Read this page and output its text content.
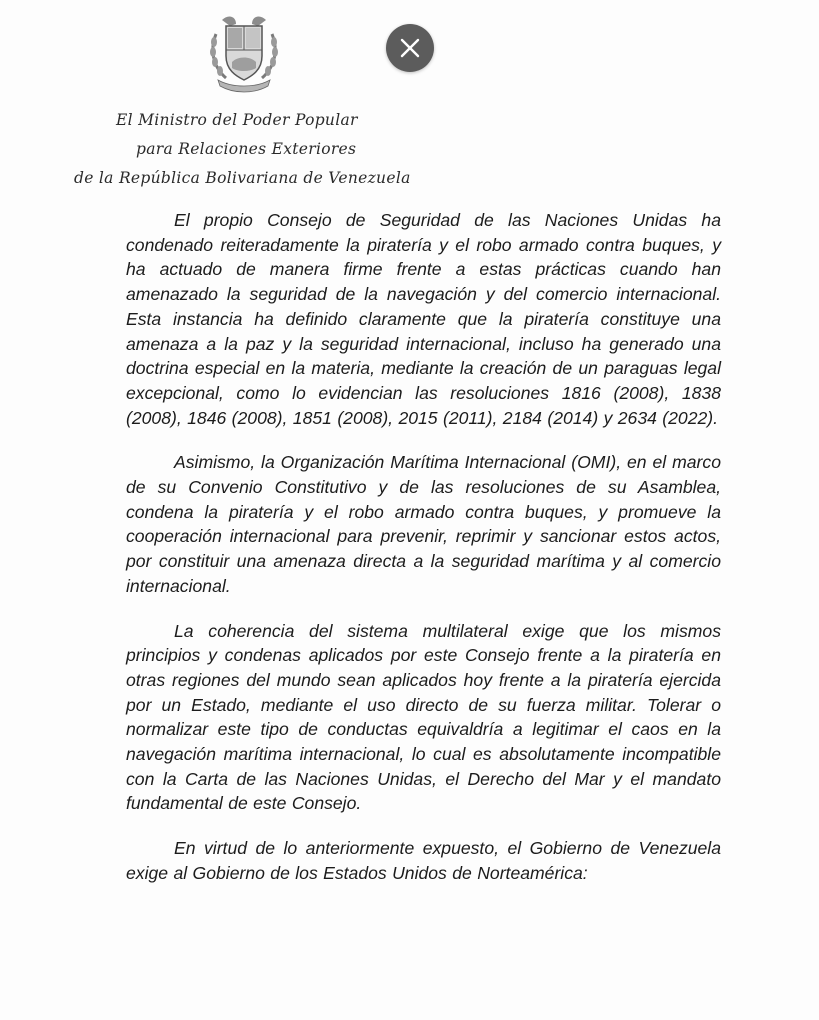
El Ministro del Poder Popular
para Relaciones Exteriores
de la República Bolivariana de Venezuela

El propio Consejo de Seguridad de las Naciones Unidas ha condenado reiteradamente la piratería y el robo armado contra buques, y ha actuado de manera firme frente a estas prácticas cuando han amenazado la seguridad de la navegación y del comercio internacional. Esta instancia ha definido claramente que la piratería constituye una amenaza a la paz y la seguridad internacional, incluso ha generado una doctrina especial en la materia, mediante la creación de un paraguas legal excepcional, como lo evidencian las resoluciones 1816 (2008), 1838 (2008), 1846 (2008), 1851 (2008), 2015 (2011), 2184 (2014) y 2634 (2022).

Asimismo, la Organización Marítima Internacional (OMI), en el marco de su Convenio Constitutivo y de las resoluciones de su Asamblea, condena la piratería y el robo armado contra buques, y promueve la cooperación internacional para prevenir, reprimir y sancionar estos actos, por constituir una amenaza directa a la seguridad marítima y al comercio internacional.

La coherencia del sistema multilateral exige que los mismos principios y condenas aplicados por este Consejo frente a la piratería en otras regiones del mundo sean aplicados hoy frente a la piratería ejercida por un Estado, mediante el uso directo de su fuerza militar. Tolerar o normalizar este tipo de conductas equivaldría a legitimar el caos en la navegación marítima internacional, lo cual es absolutamente incompatible con la Carta de las Naciones Unidas, el Derecho del Mar y el mandato fundamental de este Consejo.

En virtud de lo anteriormente expuesto, el Gobierno de Venezuela exige al Gobierno de los Estados Unidos de Norteamérica:
